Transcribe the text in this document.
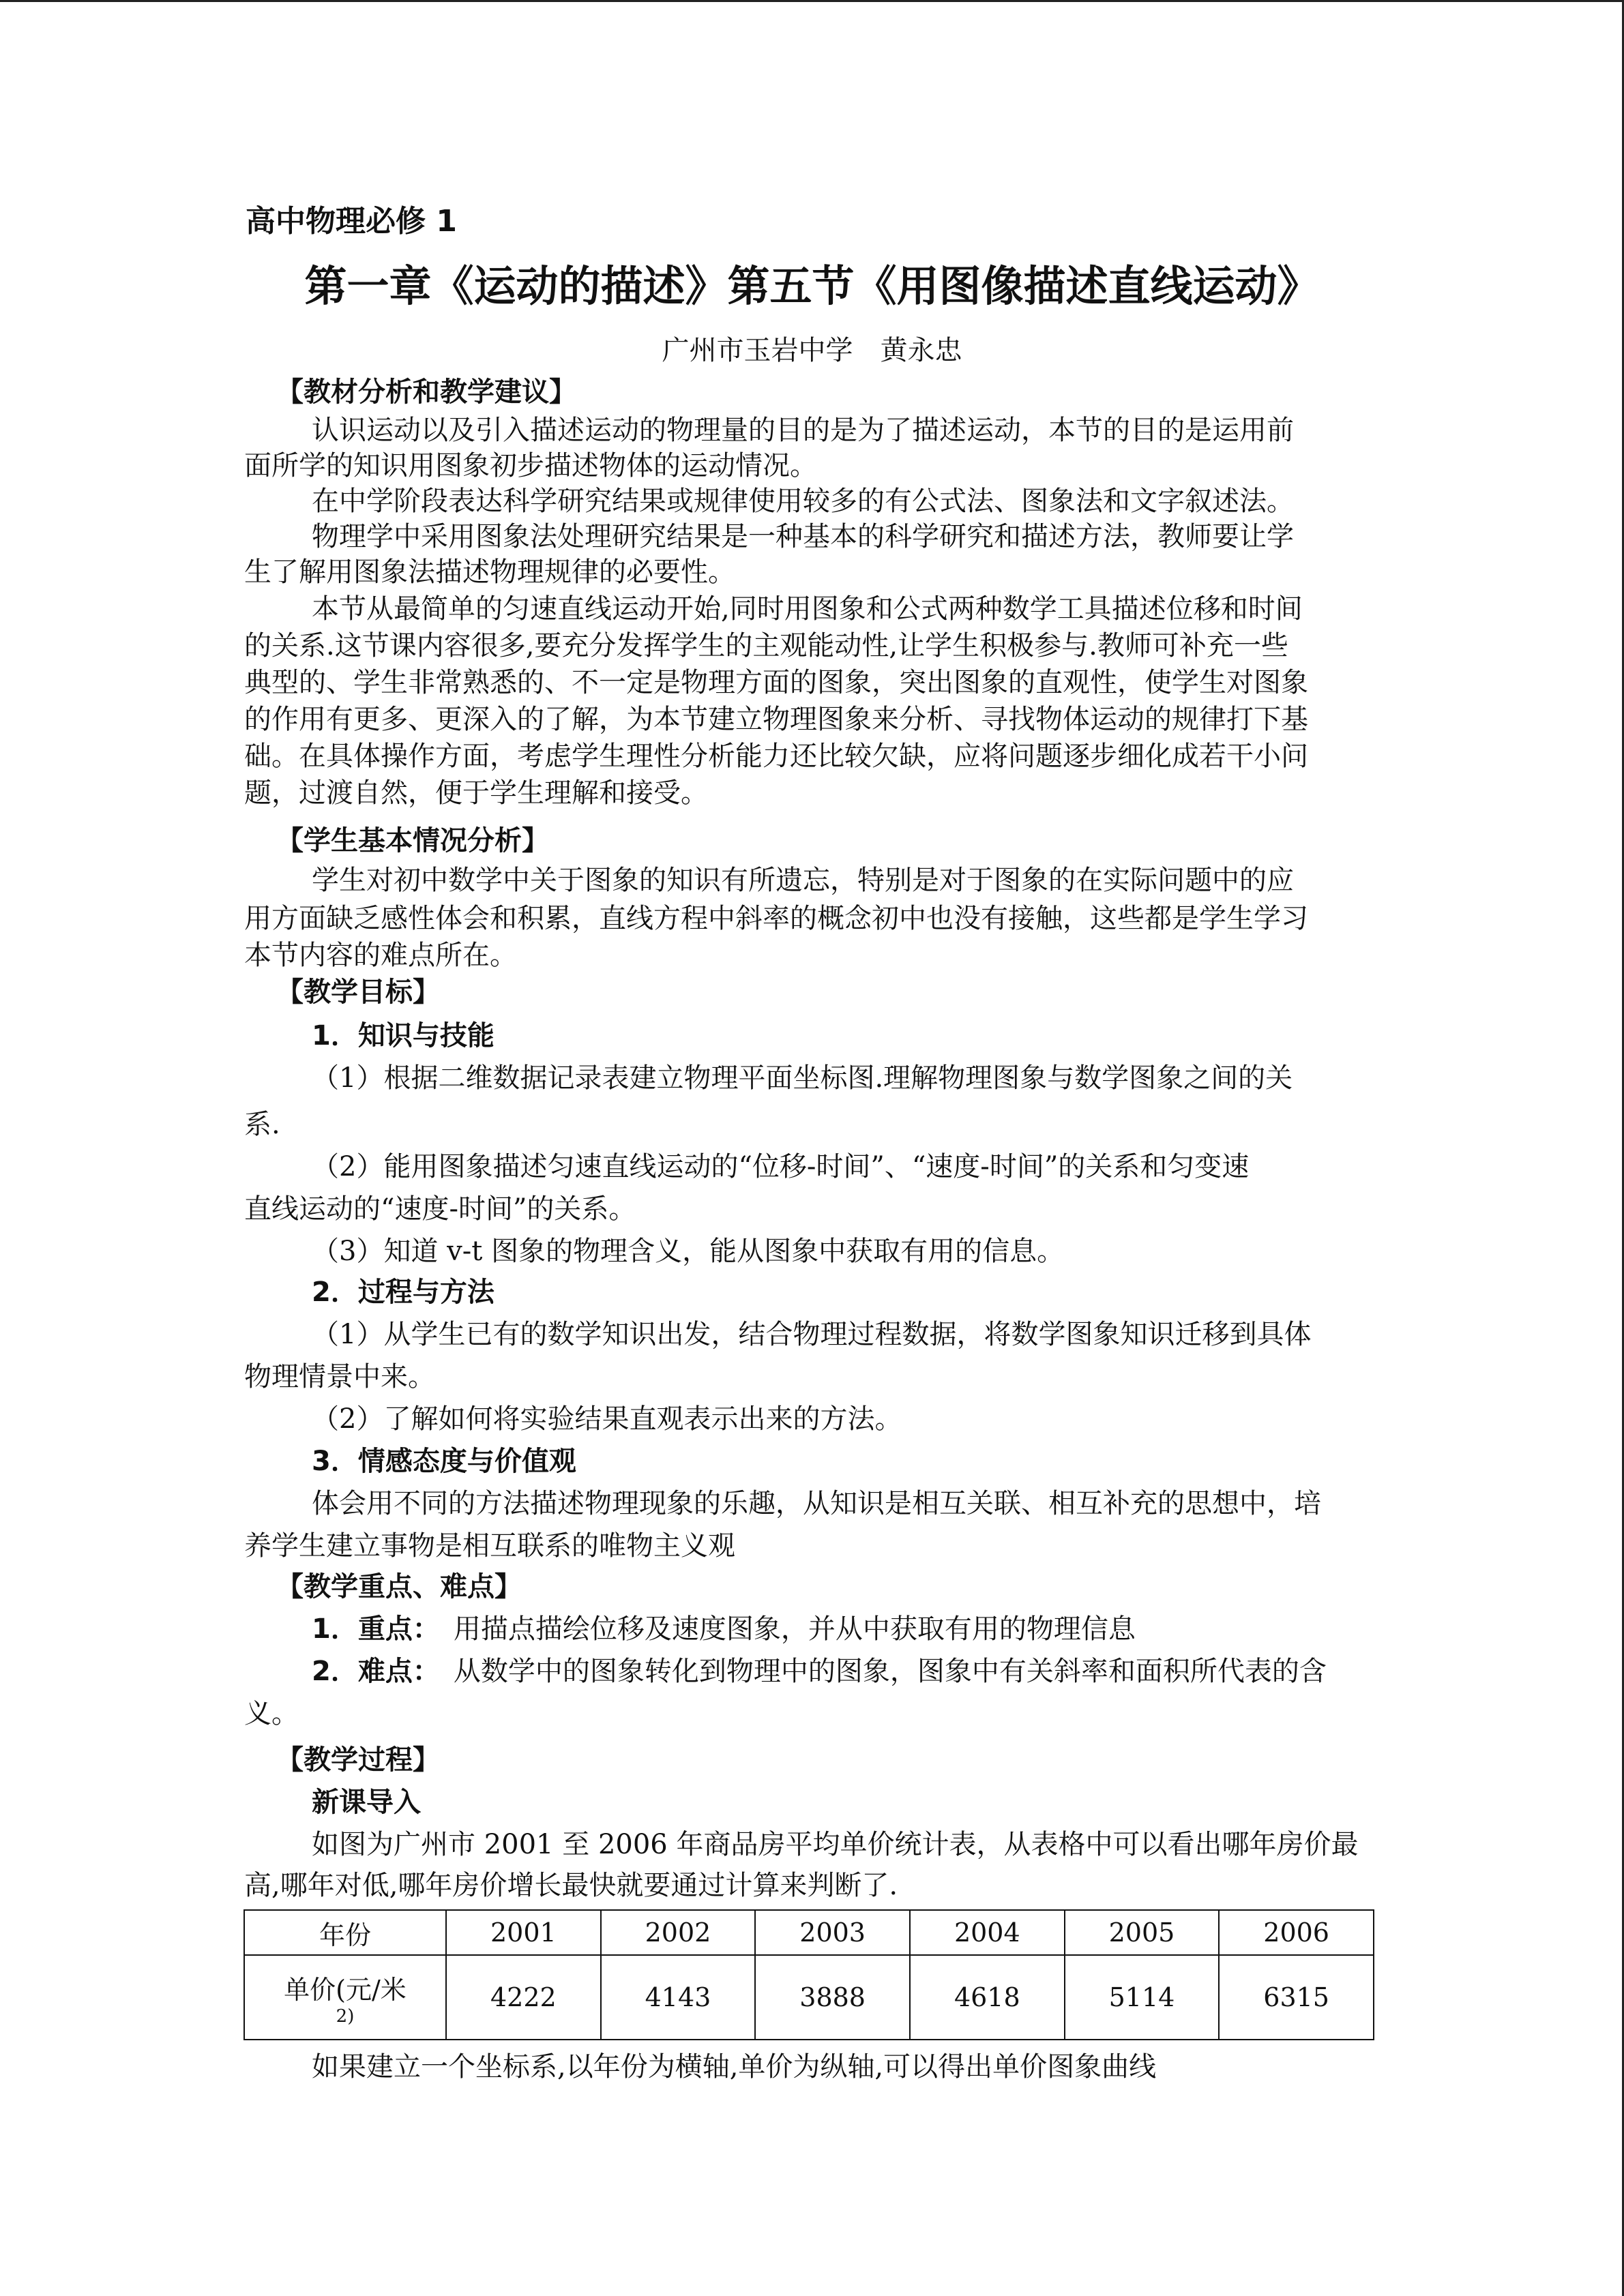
高中物理必修 1
第一章《运动的描述》第五节《用图像描述直线运动》
广州市玉岩中学　黄永忠
【教材分析和教学建议】
认识运动以及引入描述运动的物理量的目的是为了描述运动，本节的目的是运用前
面所学的知识用图象初步描述物体的运动情况。
在中学阶段表达科学研究结果或规律使用较多的有公式法、图象法和文字叙述法。
物理学中采用图象法处理研究结果是一种基本的科学研究和描述方法，教师要让学
生了解用图象法描述物理规律的必要性。
本节从最简单的匀速直线运动开始,同时用图象和公式两种数学工具描述位移和时间
的关系.这节课内容很多,要充分发挥学生的主观能动性,让学生积极参与.教师可补充一些
典型的、学生非常熟悉的、不一定是物理方面的图象，突出图象的直观性，使学生对图象
的作用有更多、更深入的了解，为本节建立物理图象来分析、寻找物体运动的规律打下基
础。在具体操作方面，考虑学生理性分析能力还比较欠缺，应将问题逐步细化成若干小问
题，过渡自然，便于学生理解和接受。
【学生基本情况分析】
学生对初中数学中关于图象的知识有所遗忘，特别是对于图象的在实际问题中的应
用方面缺乏感性体会和积累，直线方程中斜率的概念初中也没有接触，这些都是学生学习
本节内容的难点所在。
【教学目标】
1．知识与技能
（1）根据二维数据记录表建立物理平面坐标图.理解物理图象与数学图象之间的关
系.
（2）能用图象描述匀速直线运动的“位移-时间”、“速度-时间”的关系和匀变速
直线运动的“速度-时间”的关系。
（3）知道 v-t 图象的物理含义，能从图象中获取有用的信息。
2．过程与方法
（1）从学生已有的数学知识出发，结合物理过程数据，将数学图象知识迁移到具体
物理情景中来。
（2）了解如何将实验结果直观表示出来的方法。
3．情感态度与价值观
体会用不同的方法描述物理现象的乐趣，从知识是相互关联、相互补充的思想中，培
养学生建立事物是相互联系的唯物主义观
【教学重点、难点】
1．重点：　 用描点描绘位移及速度图象，并从中获取有用的物理信息
2．难点：　 从数学中的图象转化到物理中的图象，图象中有关斜率和面积所代表的含
义。
【教学过程】
新课导入
如图为广州市 2001 至 2006 年商品房平均单价统计表，从表格中可以看出哪年房价最
高,哪年对低,哪年房价增长最快就要通过计算来判断了.
年份	2001	2002	2003	2004	2005	2006

单价(元/米
2)	4222	4143	3888	4618	5114	6315
如果建立一个坐标系,以年份为横轴,单价为纵轴,可以得出单价图象曲线
